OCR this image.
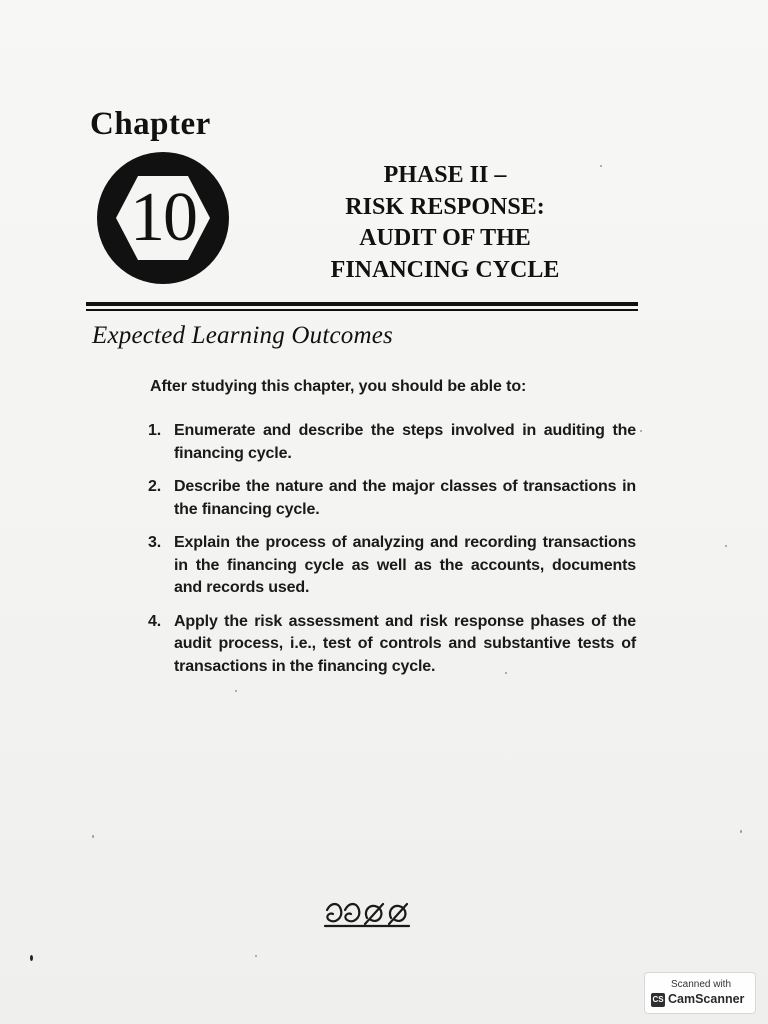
Chapter
10
PHASE II –
RISK RESPONSE:
AUDIT OF THE
FINANCING CYCLE
Expected Learning Outcomes
After studying this chapter, you should be able to:
1. Enumerate and describe the steps involved in auditing the financing cycle.
2. Describe the nature and the major classes of transactions in the financing cycle.
3. Explain the process of analyzing and recording transactions in the financing cycle as well as the accounts, documents and records used.
4. Apply the risk assessment and risk response phases of the audit process, i.e., test of controls and substantive tests of transactions in the financing cycle.
Scanned with
CS CamScanner
